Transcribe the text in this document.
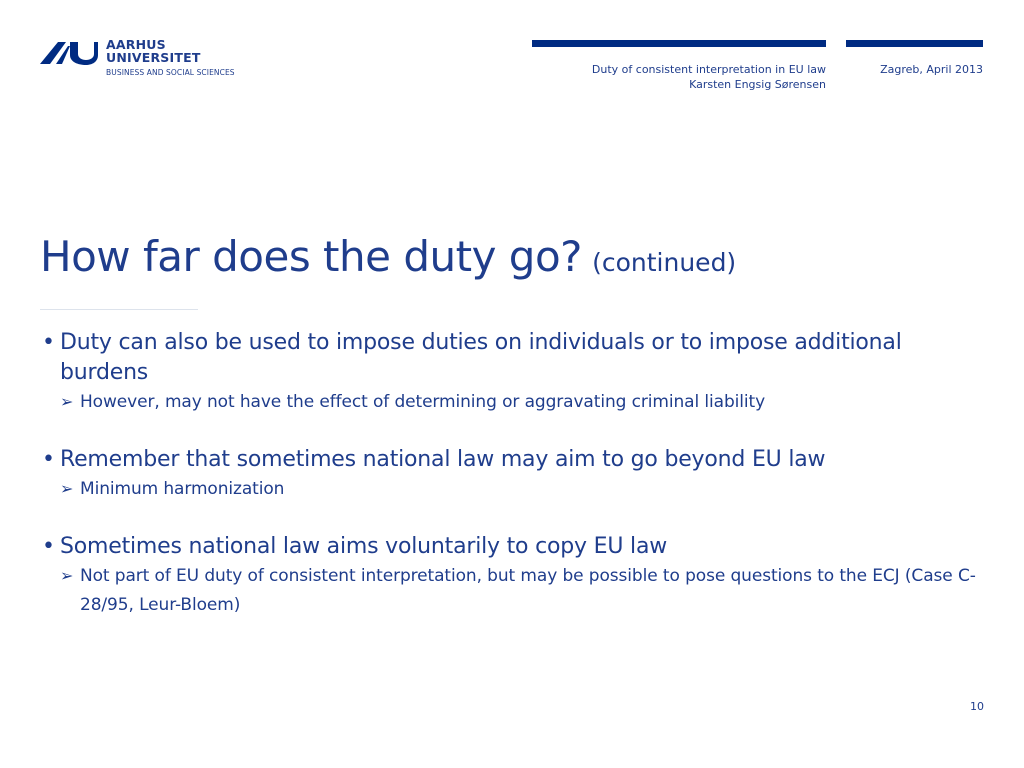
AARHUS
UNIVERSITET
BUSINESS AND SOCIAL SCIENCES	Duty of consistent interpretation in EU law
Karsten Engsig Sørensen
Zagreb, April 2013
How far does the duty go? (continued)
• Duty can also be used to impose duties on individuals or to impose additional burdens
➢ However, may not have the effect of determining or aggravating criminal liability
• Remember that sometimes national law may aim to go beyond EU law
➢ Minimum harmonization
• Sometimes national law aims voluntarily to copy EU law
➢ Not part of EU duty of consistent interpretation, but may be possible to pose questions to the ECJ (Case C-28/95, Leur-Bloem)
10
